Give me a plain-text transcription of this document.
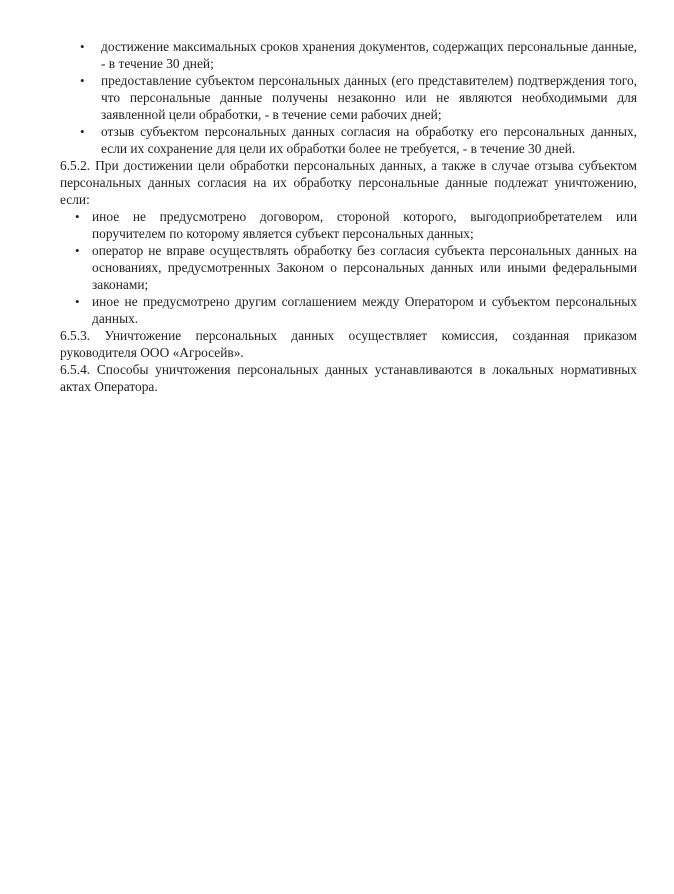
• достижение максимальных сроков хранения документов, содержащих персональные данные, - в течение 30 дней;
• предоставление субъектом персональных данных (его представителем) подтверждения того, что персональные данные получены незаконно или не являются необходимыми для заявленной цели обработки, - в течение семи рабочих дней;
• отзыв субъектом персональных данных согласия на обработку его персональных данных, если их сохранение для цели их обработки более не требуется, - в течение 30 дней.

6.5.2. При достижении цели обработки персональных данных, а также в случае отзыва субъектом персональных данных согласия на их обработку персональные данные подлежат уничтожению, если:

• иное не предусмотрено договором, стороной которого, выгодоприобретателем или поручителем по которому является субъект персональных данных;
• оператор не вправе осуществлять обработку без согласия субъекта персональных данных на основаниях, предусмотренных Законом о персональных данных или иными федеральными законами;
• иное не предусмотрено другим соглашением между Оператором и субъектом персональных данных.

6.5.3. Уничтожение персональных данных осуществляет комиссия, созданная приказом руководителя ООО «Агросейв».

6.5.4. Способы уничтожения персональных данных устанавливаются в локальных нормативных актах Оператора.
